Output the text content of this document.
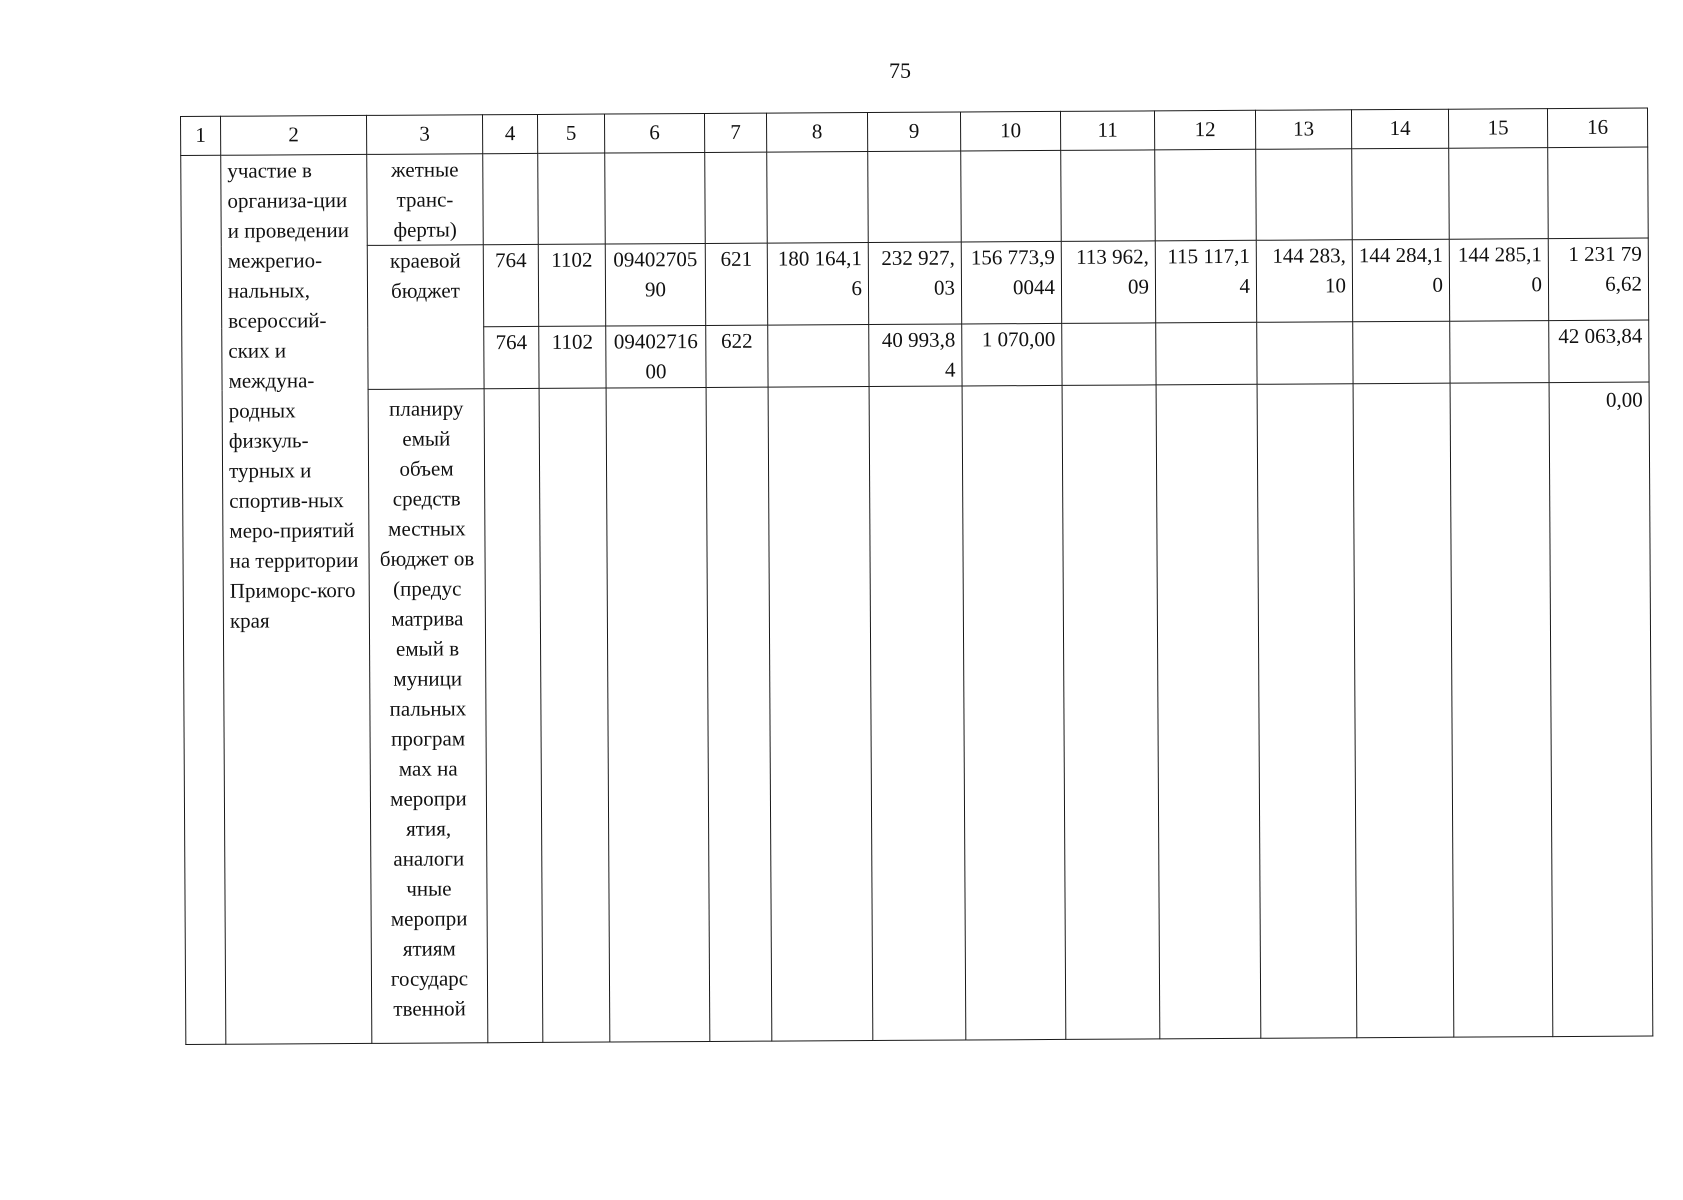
75
1	2	3	4	5	6	7	8	9	10	11	12	13	14	15	16
	участие в организа-ции и проведении межрегио-нальных, всероссий-ских и междуна-родных физкуль-турных и спортив-ных меро-приятий на территории Приморс-кого края	жетные транс-ферты)													
		краевой бюджет	764	1102	0940270590	621	180 164,16	232 927,03	156 773,90044	113 962,09	115 117,14	144 283,10	144 284,10	144 285,10	1 231 796,62
			764	1102	0940271600	622		40 993,84	1 070,00						42 063,84
		планиру емый объем средств местных бюджет ов (предус матрива емый в муници пальных програм мах на меропри ятия, аналоги чные меропри ятиям государс твенной													0,00
